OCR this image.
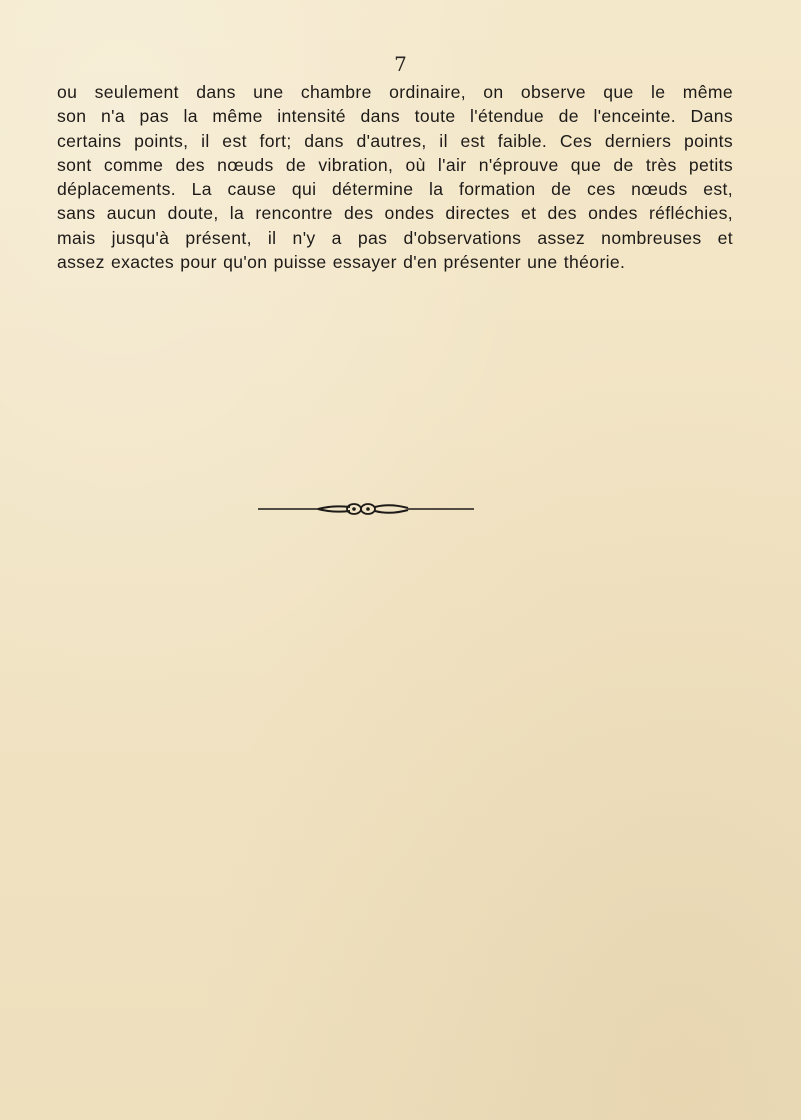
7
ou seulement dans une chambre ordinaire, on observe que le même
son n'a pas la même intensité dans toute l'étendue de l'enceinte. Dans
certains points, il est fort; dans d'autres, il est faible. Ces derniers points
sont comme des nœuds de vibration, où l'air n'éprouve que de très petits
déplacements. La cause qui détermine la formation de ces nœuds est,
sans aucun doute, la rencontre des ondes directes et des ondes réfléchies,
mais jusqu'à présent, il n'y a pas d'observations assez nombreuses et
assez exactes pour qu'on puisse essayer d'en présenter une théorie.
